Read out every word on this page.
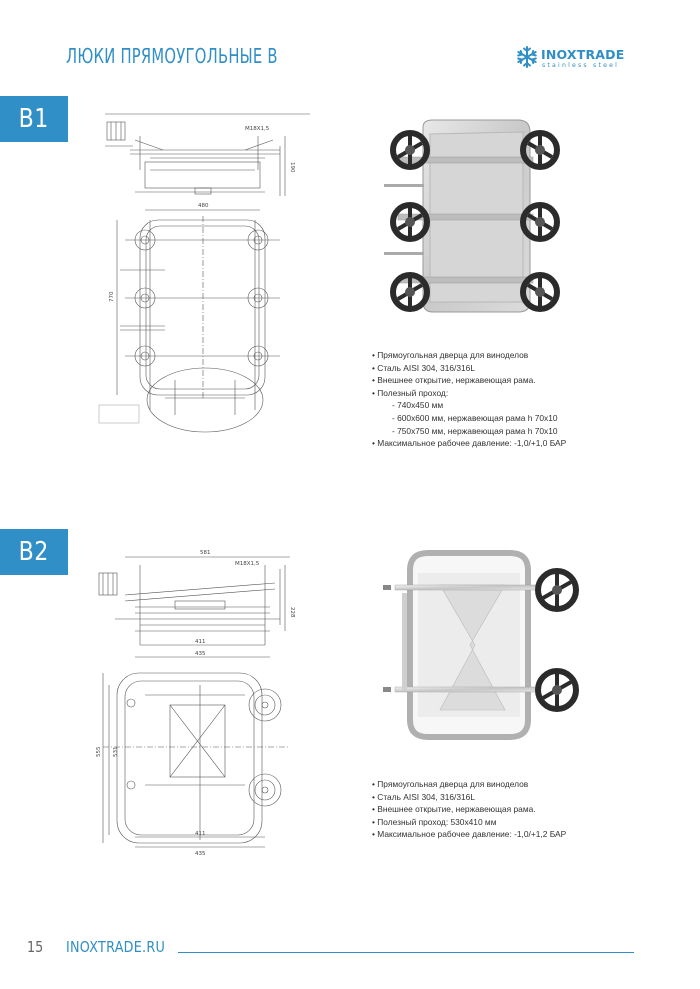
ЛЮКИ ПРЯМОУГОЛЬНЫЕ В	INOXTRADE
stainless steel
B1	M18X1,5
190
480
770
• Прямоугольная дверца для виноделов
• Сталь AISI 304, 316/316L
• Внешнее открытие, нержавеющая рама.
• Полезный проход:
- 740x450 мм
- 600x600 мм, нержавеющая рама h 70x10
- 750x750 мм, нержавеющая рама h 70x10
• Максимальное рабочее давление: -1,0/+1,0 БАР
B2	581
M18X1,5
228
411
435
555 531
411
435
• Прямоугольная дверца для виноделов
• Сталь AISI 304, 316/316L
• Внешнее открытие, нержавеющая рама.
• Полезный проход: 530x410 мм
• Максимальное рабочее давление: -1,0/+1,2 БАР
15 INOXTRADE.RU
